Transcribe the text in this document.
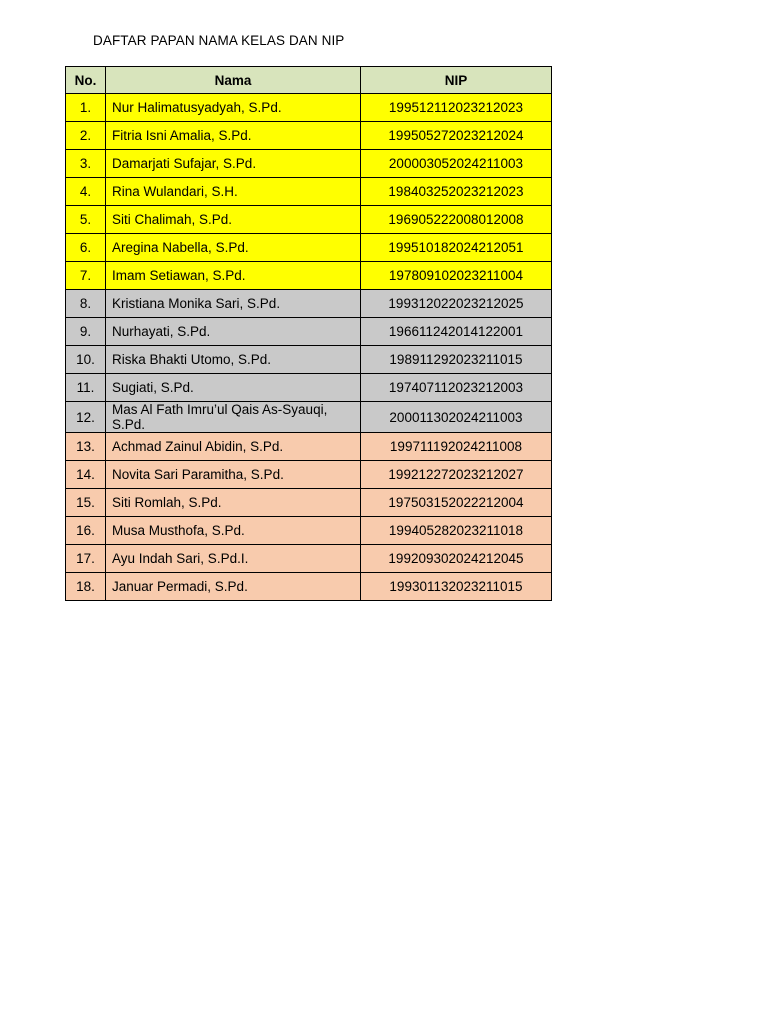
DAFTAR PAPAN NAMA KELAS DAN NIP
No.	Nama	NIP
1.	Nur Halimatusyadyah, S.Pd.	199512112023212023
2.	Fitria Isni Amalia, S.Pd.	199505272023212024
3.	Damarjati Sufajar, S.Pd.	200003052024211003
4.	Rina Wulandari, S.H.	198403252023212023
5.	Siti Chalimah, S.Pd.	196905222008012008
6.	Aregina Nabella, S.Pd.	199510182024212051
7.	Imam Setiawan, S.Pd.	197809102023211004
8.	Kristiana Monika Sari, S.Pd.	199312022023212025
9.	Nurhayati, S.Pd.	196611242014122001
10.	Riska Bhakti Utomo, S.Pd.	198911292023211015
11.	Sugiati, S.Pd.	197407112023212003
12.	Mas Al Fath Imru’ul Qais As-Syauqi, S.Pd.	200011302024211003
13.	Achmad Zainul Abidin, S.Pd.	199711192024211008
14.	Novita Sari Paramitha, S.Pd.	199212272023212027
15.	Siti Romlah, S.Pd.	197503152022212004
16.	Musa Musthofa, S.Pd.	199405282023211018
17.	Ayu Indah Sari, S.Pd.I.	199209302024212045
18.	Januar Permadi, S.Pd.	199301132023211015
